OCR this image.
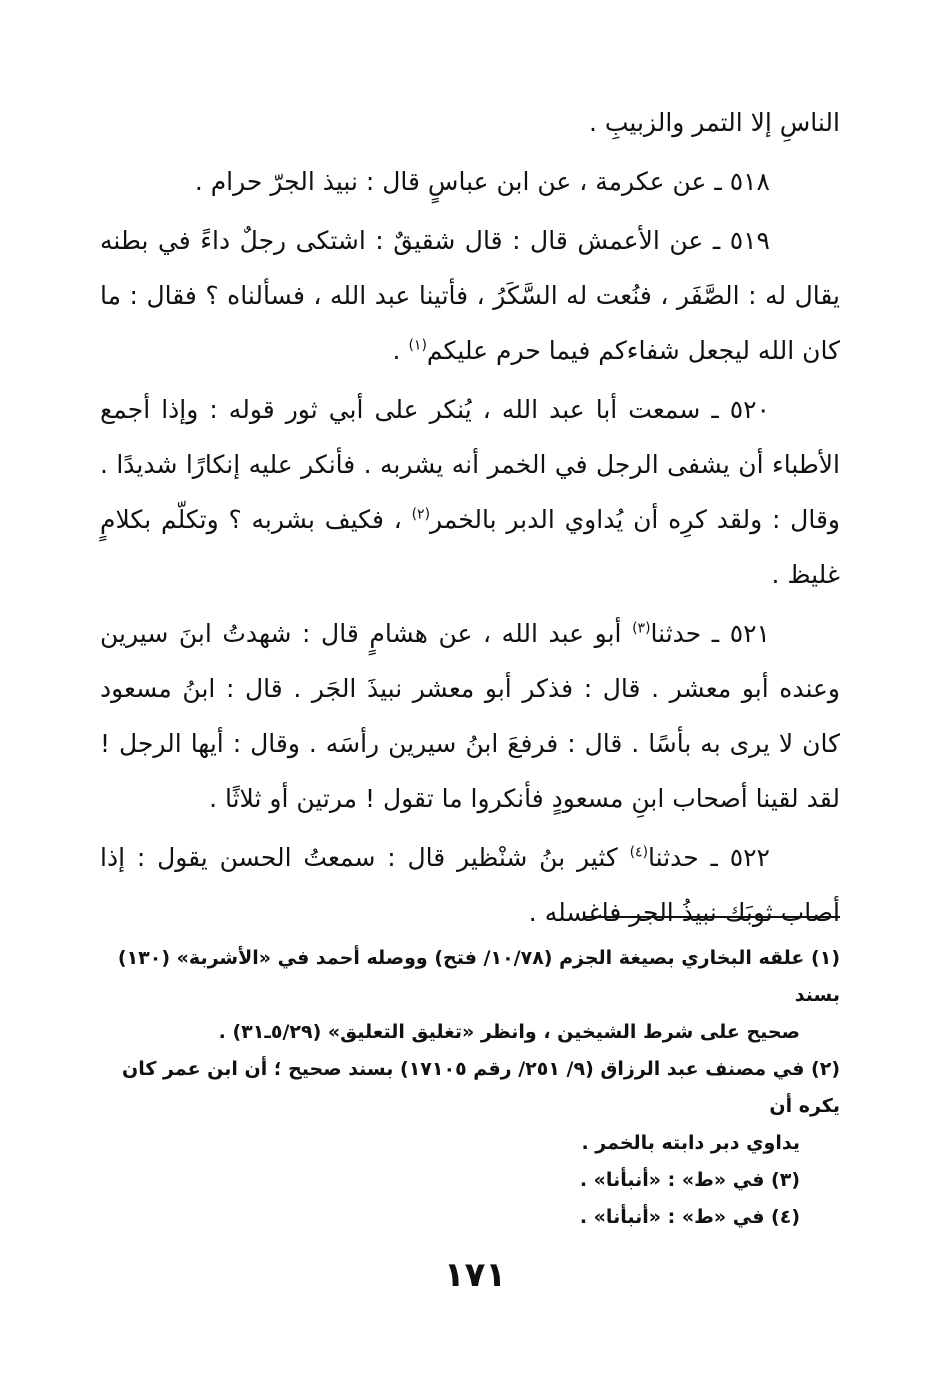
الناسِ إلا التمر والزبيبِ .

٥١٨ ـ عن عكرمة ، عن ابن عباسٍ قال : نبيذ الجرّ حرام .

٥١٩ ـ عن الأعمش قال : قال شقيقٌ : اشتكى رجلٌ داءً في بطنه يقال له : الصَّفَر ، فنُعت له السَّكَرُ ، فأتينا عبد الله ، فسألناه ؟ فقال : ما كان الله ليجعل شفاءكم فيما حرم عليكم$^{(١)}$ .

٥٢٠ ـ سمعت أبا عبد الله ، يُنكر على أبي ثور قوله : وإذا أجمع الأطباء أن يشفى الرجل في الخمر أنه يشربه . فأنكر عليه إنكارًا شديدًا . وقال : ولقد كرِه أن يُداوي الدبر بالخمر$^{(٢)}$ ، فكيف بشربه ؟ وتكلّم بكلامٍ غليظ .

٥٢١ ـ حدثنا$^{(٣)}$ أبو عبد الله ، عن هشامٍ قال : شهدتُ ابنَ سيرين وعنده أبو معشر . قال : فذكر أبو معشر نبيذَ الجَر . قال : ابنُ مسعود كان لا يرى به بأسًا . قال : فرفعَ ابنُ سيرين رأسَه . وقال : أيها الرجل ! لقد لقينا أصحاب ابنِ مسعودٍ فأنكروا ما تقول ! مرتين أو ثلاثًا .

٥٢٢ ـ حدثنا$^{(٤)}$ كثير بنُ شنْظير قال : سمعتُ الحسن يقول : إذا أصاب ثوبَك نبيذُ الجر فاغسله .

(١) علقه البخاري بصيغة الجزم (١٠/٧٨/ فتح) ووصله أحمد في «الأشربة» (١٣٠) بسند
صحيح على شرط الشيخين ، وانظر «تغليق التعليق» (٥/٢٩ـ٣١) .

(٢) في مصنف عبد الرزاق (٩/ ٢٥١/ رقم ١٧١٠٥) بسند صحيح ؛ أن ابن عمر كان يكره أن
يداوي دبر دابته بالخمر .

(٣) في «ط» : «أنبأنا» .

(٤) في «ط» : «أنبأنا» .

١٧١
